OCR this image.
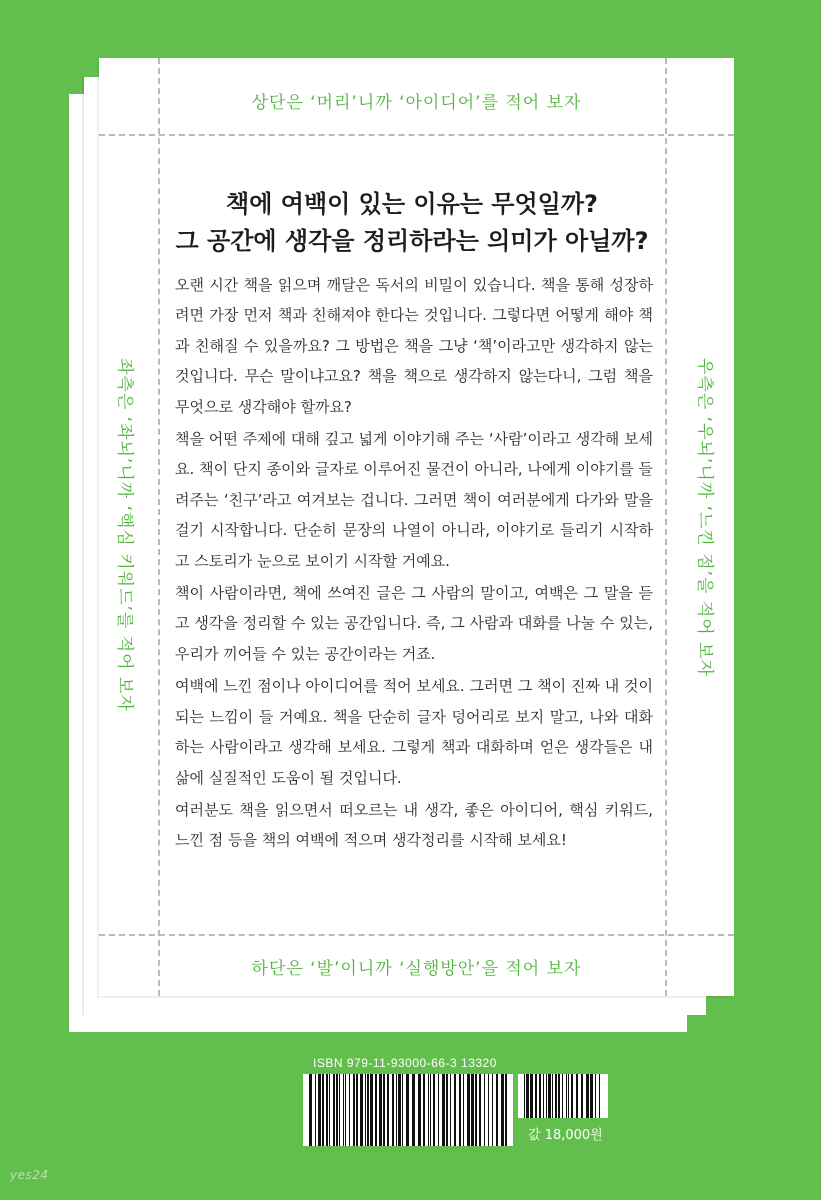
상단은 ‘머리’니까 ‘아이디어’를 적어 보자
좌측은 ‘좌뇌’니까 ‘핵심 키워드’를 적어 보자	우측은 ‘우뇌’니까 ‘느낀 점’을 적어 보자
하단은 ‘발’이니까 ‘실행방안’을 적어 보자
책에 여백이 있는 이유는 무엇일까?
그 공간에 생각을 정리하라는 의미가 아닐까?

오랜 시간 책을 읽으며 깨달은 독서의 비밀이 있습니다. 책을 통해 성장하려면 가장 먼저 책과 친해져야 한다는 것입니다. 그렇다면 어떻게 해야 책과 친해질 수 있을까요? 그 방법은 책을 그냥 ‘책’이라고만 생각하지 않는 것입니다. 무슨 말이냐고요? 책을 책으로 생각하지 않는다니, 그럼 책을 무엇으로 생각해야 할까요?

책을 어떤 주제에 대해 깊고 넓게 이야기해 주는 ‘사람’이라고 생각해 보세요. 책이 단지 종이와 글자로 이루어진 물건이 아니라, 나에게 이야기를 들려주는 ‘친구’라고 여겨보는 겁니다. 그러면 책이 여러분에게 다가와 말을 걸기 시작합니다. 단순히 문장의 나열이 아니라, 이야기로 들리기 시작하고 스토리가 눈으로 보이기 시작할 거예요.

책이 사람이라면, 책에 쓰여진 글은 그 사람의 말이고, 여백은 그 말을 듣고 생각을 정리할 수 있는 공간입니다. 즉, 그 사람과 대화를 나눌 수 있는, 우리가 끼어들 수 있는 공간이라는 거죠.

여백에 느낀 점이나 아이디어를 적어 보세요. 그러면 그 책이 진짜 내 것이 되는 느낌이 들 거예요. 책을 단순히 글자 덩어리로 보지 말고, 나와 대화하는 사람이라고 생각해 보세요. 그렇게 책과 대화하며 얻은 생각들은 내 삶에 실질적인 도움이 될 것입니다.

여러분도 책을 읽으면서 떠오르는 내 생각, 좋은 아이디어, 핵심 키워드, 느낀 점 등을 책의 여백에 적으며 생각정리를 시작해 보세요!

ISBN 979-11-93000-66-3 13320
값 18,000원
yes24
